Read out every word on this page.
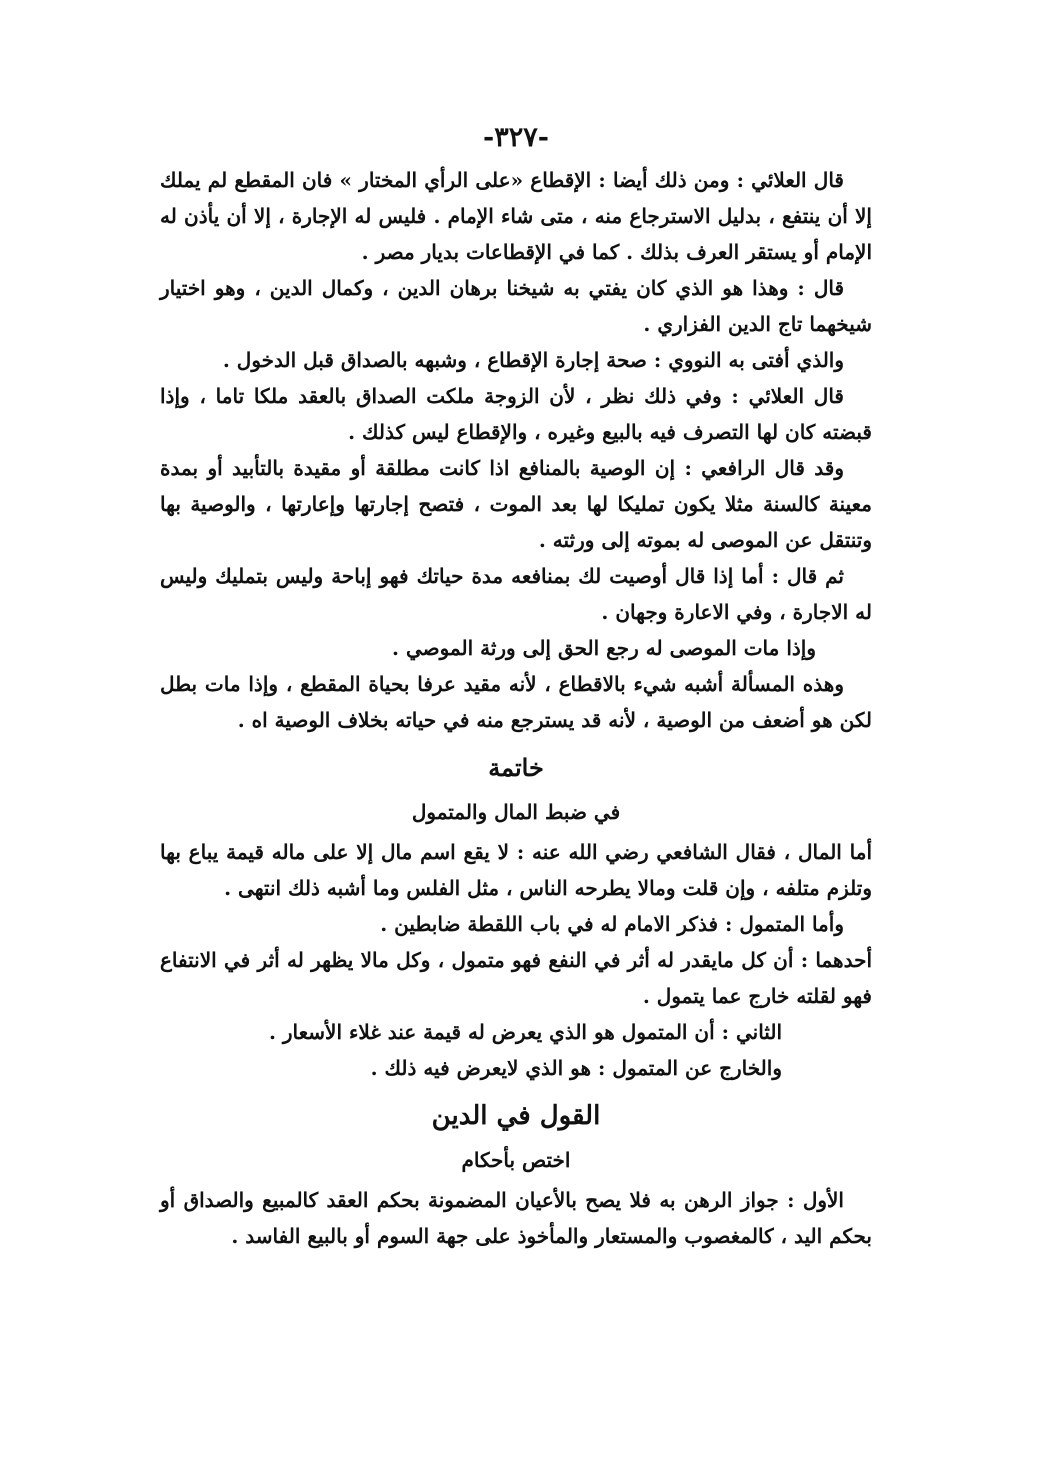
-٣٢٧-

قال العلائي : ومن ذلك أيضا : الإقطاع «على الرأي المختار » فان المقطع لم يملك إلا أن ينتفع ، بدليل الاسترجاع منه ، متى شاء الإمام . فليس له الإجارة ، إلا أن يأذن له الإمام أو يستقر العرف بذلك . كما في الإقطاعات بديار مصر .

قال : وهذا هو الذي كان يفتي به شيخنا برهان الدين ، وكمال الدين ، وهو اختيار شيخهما تاج الدين الفزاري .

والذي أفتى به النووي : صحة إجارة الإقطاع ، وشبهه بالصداق قبل الدخول .

قال العلائي : وفي ذلك نظر ، لأن الزوجة ملكت الصداق بالعقد ملكا تاما ، وإذا قبضته كان لها التصرف فيه بالبيع وغيره ، والإقطاع ليس كذلك .

وقد قال الرافعي : إن الوصية بالمنافع اذا كانت مطلقة أو مقيدة بالتأبيد أو بمدة معينة كالسنة مثلا يكون تمليكا لها بعد الموت ، فتصح إجارتها وإعارتها ، والوصية بها وتنتقل عن الموصى له بموته إلى ورثته .

ثم قال : أما إذا قال أوصيت لك بمنافعه مدة حياتك فهو إباحة وليس بتمليك وليس له الاجارة ، وفي الاعارة وجهان .

وإذا مات الموصى له رجع الحق إلى ورثة الموصي .

وهذه المسألة أشبه شيء بالاقطاع ، لأنه مقيد عرفا بحياة المقطع ، وإذا مات بطل لكن هو أضعف من الوصية ، لأنه قد يسترجع منه في حياته بخلاف الوصية اه .

خاتمة
في ضبط المال والمتمول

أما المال ، فقال الشافعي رضي الله عنه : لا يقع اسم مال إلا على ماله قيمة يباع بها وتلزم متلفه ، وإن قلت ومالا يطرحه الناس ، مثل الفلس وما أشبه ذلك انتهى .

وأما المتمول : فذكر الامام له في باب اللقطة ضابطين .

أحدهما : أن كل مايقدر له أثر في النفع فهو متمول ، وكل مالا يظهر له أثر في الانتفاع فهو لقلته خارج عما يتمول .

الثاني : أن المتمول هو الذي يعرض له قيمة عند غلاء الأسعار .

والخارج عن المتمول : هو الذي لايعرض فيه ذلك .

القول في الدين
اختص بأحكام

الأول : جواز الرهن به فلا يصح بالأعيان المضمونة بحكم العقد كالمبيع والصداق أو بحكم اليد ، كالمغصوب والمستعار والمأخوذ على جهة السوم أو بالبيع الفاسد .
